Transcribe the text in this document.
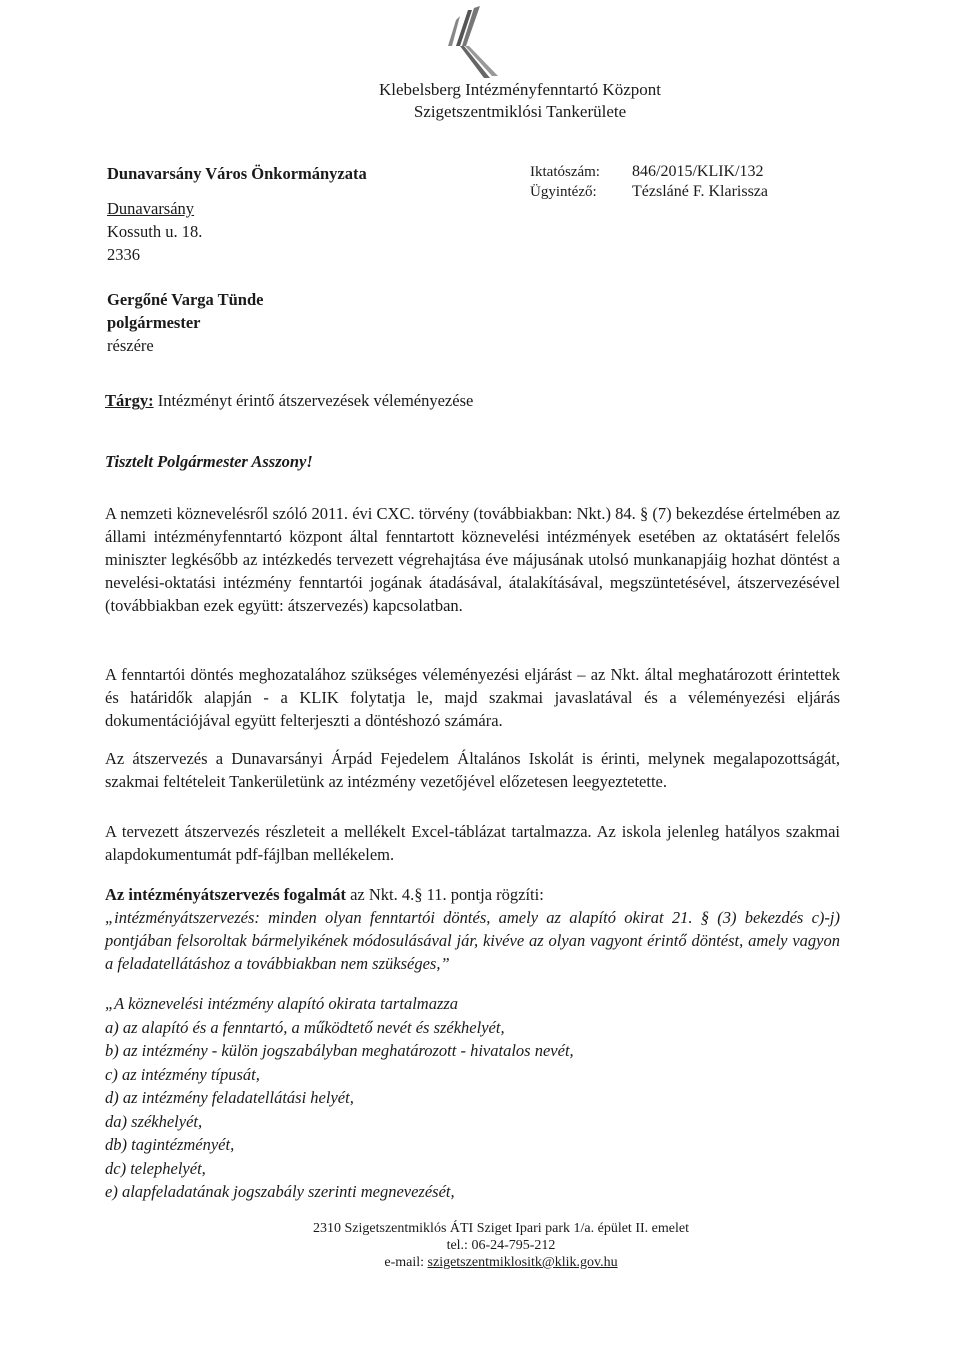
Klebelsberg Intézményfenntartó Központ
Szigetszentmiklósi Tankerülete
Dunavarsány Város Önkormányzata
Dunavarsány
Kossuth u. 18.
2336
Gergőné Varga Tünde
polgármester
részére
Iktatószám:	846/2015/KLIK/132
Ügyintéző:	Tézsláné F. Klarissza
Tárgy: Intézményt érintő átszervezések véleményezése
Tisztelt Polgármester Asszony!
A nemzeti köznevelésről szóló 2011. évi CXC. törvény (továbbiakban: Nkt.) 84. § (7) bekezdése értelmében az állami intézményfenntartó központ által fenntartott köznevelési intézmények esetében az oktatásért felelős miniszter legkésőbb az intézkedés tervezett végrehajtása éve májusának utolsó munkanapjáig hozhat döntést a nevelési-oktatási intézmény fenntartói jogának átadásával, átalakításával, megszüntetésével, átszervezésével (továbbiakban ezek együtt: átszervezés) kapcsolatban.
A fenntartói döntés meghozatalához szükséges véleményezési eljárást – az Nkt. által meghatározott érintettek és határidők alapján - a KLIK folytatja le, majd szakmai javaslatával és a véleményezési eljárás dokumentációjával együtt felterjeszti a döntéshozó számára.
Az átszervezés a Dunavarsányi Árpád Fejedelem Általános Iskolát is érinti, melynek megalapozottságát, szakmai feltételeit Tankerületünk az intézmény vezetőjével előzetesen leegyeztetette.
A tervezett átszervezés részleteit a mellékelt Excel-táblázat tartalmazza. Az iskola jelenleg hatályos szakmai alapdokumentumát pdf-fájlban mellékelem.
Az intézményátszervezés fogalmát az Nkt. 4.§ 11. pontja rögzíti:
„intézményátszervezés: minden olyan fenntartói döntés, amely az alapító okirat 21. § (3) bekezdés c)-j) pontjában felsoroltak bármelyikének módosulásával jár, kivéve az olyan vagyont érintő döntést, amely vagyon a feladatellátáshoz a továbbiakban nem szükséges,”
„A köznevelési intézmény alapító okirata tartalmazza
a) az alapító és a fenntartó, a működtető nevét és székhelyét,
b) az intézmény - külön jogszabályban meghatározott - hivatalos nevét,
c) az intézmény típusát,
d) az intézmény feladatellátási helyét,
da) székhelyét,
db) tagintézményét,
dc) telephelyét,
e) alapfeladatának jogszabály szerinti megnevezését,
2310 Szigetszentmiklós ÁTI Sziget Ipari park 1/a. épület II. emelet
tel.: 06-24-795-212
e-mail: szigetszentmiklositk@klik.gov.hu
